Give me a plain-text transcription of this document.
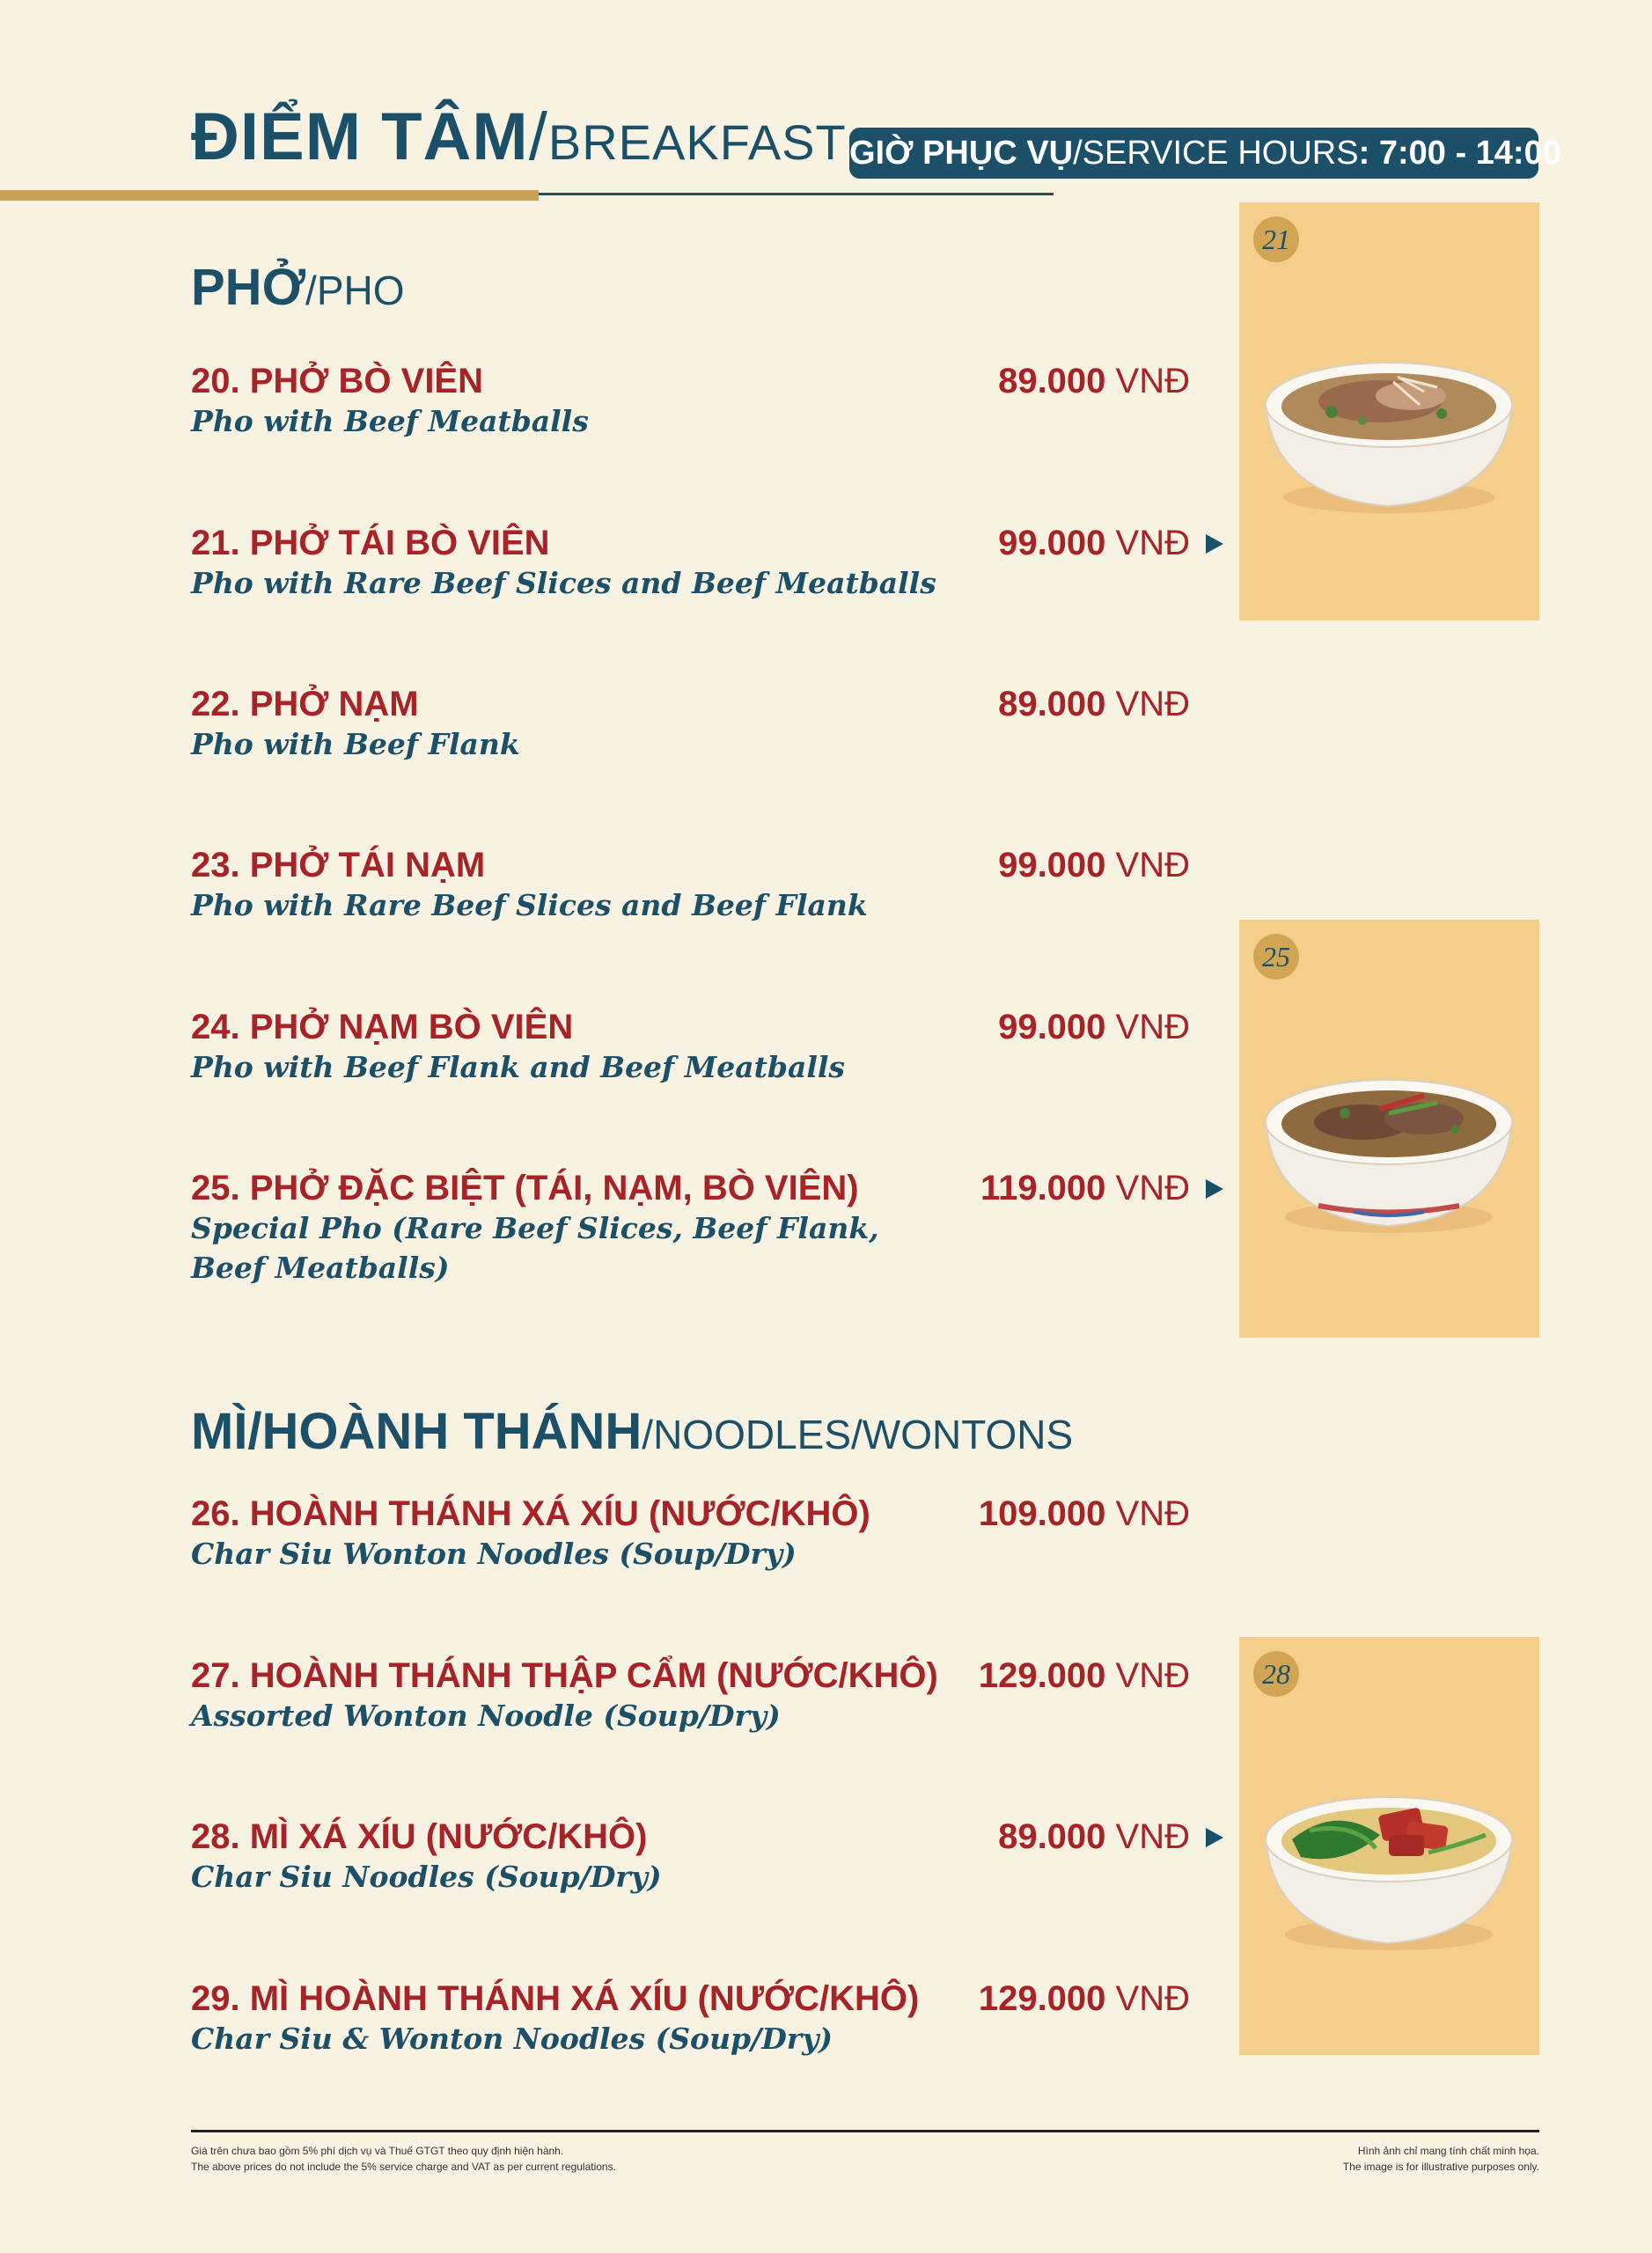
ĐIỂM TÂM/BREAKFAST GIỜ PHỤC VỤ/SERVICE HOURS: 7:00 - 14:00
PHỞ/PHO
20. PHỞ BÒ VIÊN
Pho with Beef Meatballs
89.000 VNĐ
21. PHỞ TÁI BÒ VIÊN
Pho with Rare Beef Slices and Beef Meatballs
99.000 VNĐ
22. PHỞ NẠM
Pho with Beef Flank
89.000 VNĐ
23. PHỞ TÁI NẠM
Pho with Rare Beef Slices and Beef Flank
99.000 VNĐ
24. PHỞ NẠM BÒ VIÊN
Pho with Beef Flank and Beef Meatballs
99.000 VNĐ
25. PHỞ ĐẶC BIỆT (TÁI, NẠM, BÒ VIÊN)
Special Pho (Rare Beef Slices, Beef Flank,
Beef Meatballs)
119.000 VNĐ
MÌ/HOÀNH THÁNH/NOODLES/WONTONS
26. HOÀNH THÁNH XÁ XÍU (NƯỚC/KHÔ)
Char Siu Wonton Noodles (Soup/Dry)
109.000 VNĐ
27. HOÀNH THÁNH THẬP CẨM (NƯỚC/KHÔ)
Assorted Wonton Noodle (Soup/Dry)
129.000 VNĐ
28. MÌ XÁ XÍU (NƯỚC/KHÔ)
Char Siu Noodles (Soup/Dry)
89.000 VNĐ
29. MÌ HOÀNH THÁNH XÁ XÍU (NƯỚC/KHÔ)
Char Siu & Wonton Noodles (Soup/Dry)
129.000 VNĐ
21
25
28
Giá trên chưa bao gồm 5% phí dịch vụ và Thuế GTGT theo quy định hiện hành.
The above prices do not include the 5% service charge and VAT as per current regulations.
Hình ảnh chỉ mang tính chất minh họa.
The image is for illustrative purposes only.
